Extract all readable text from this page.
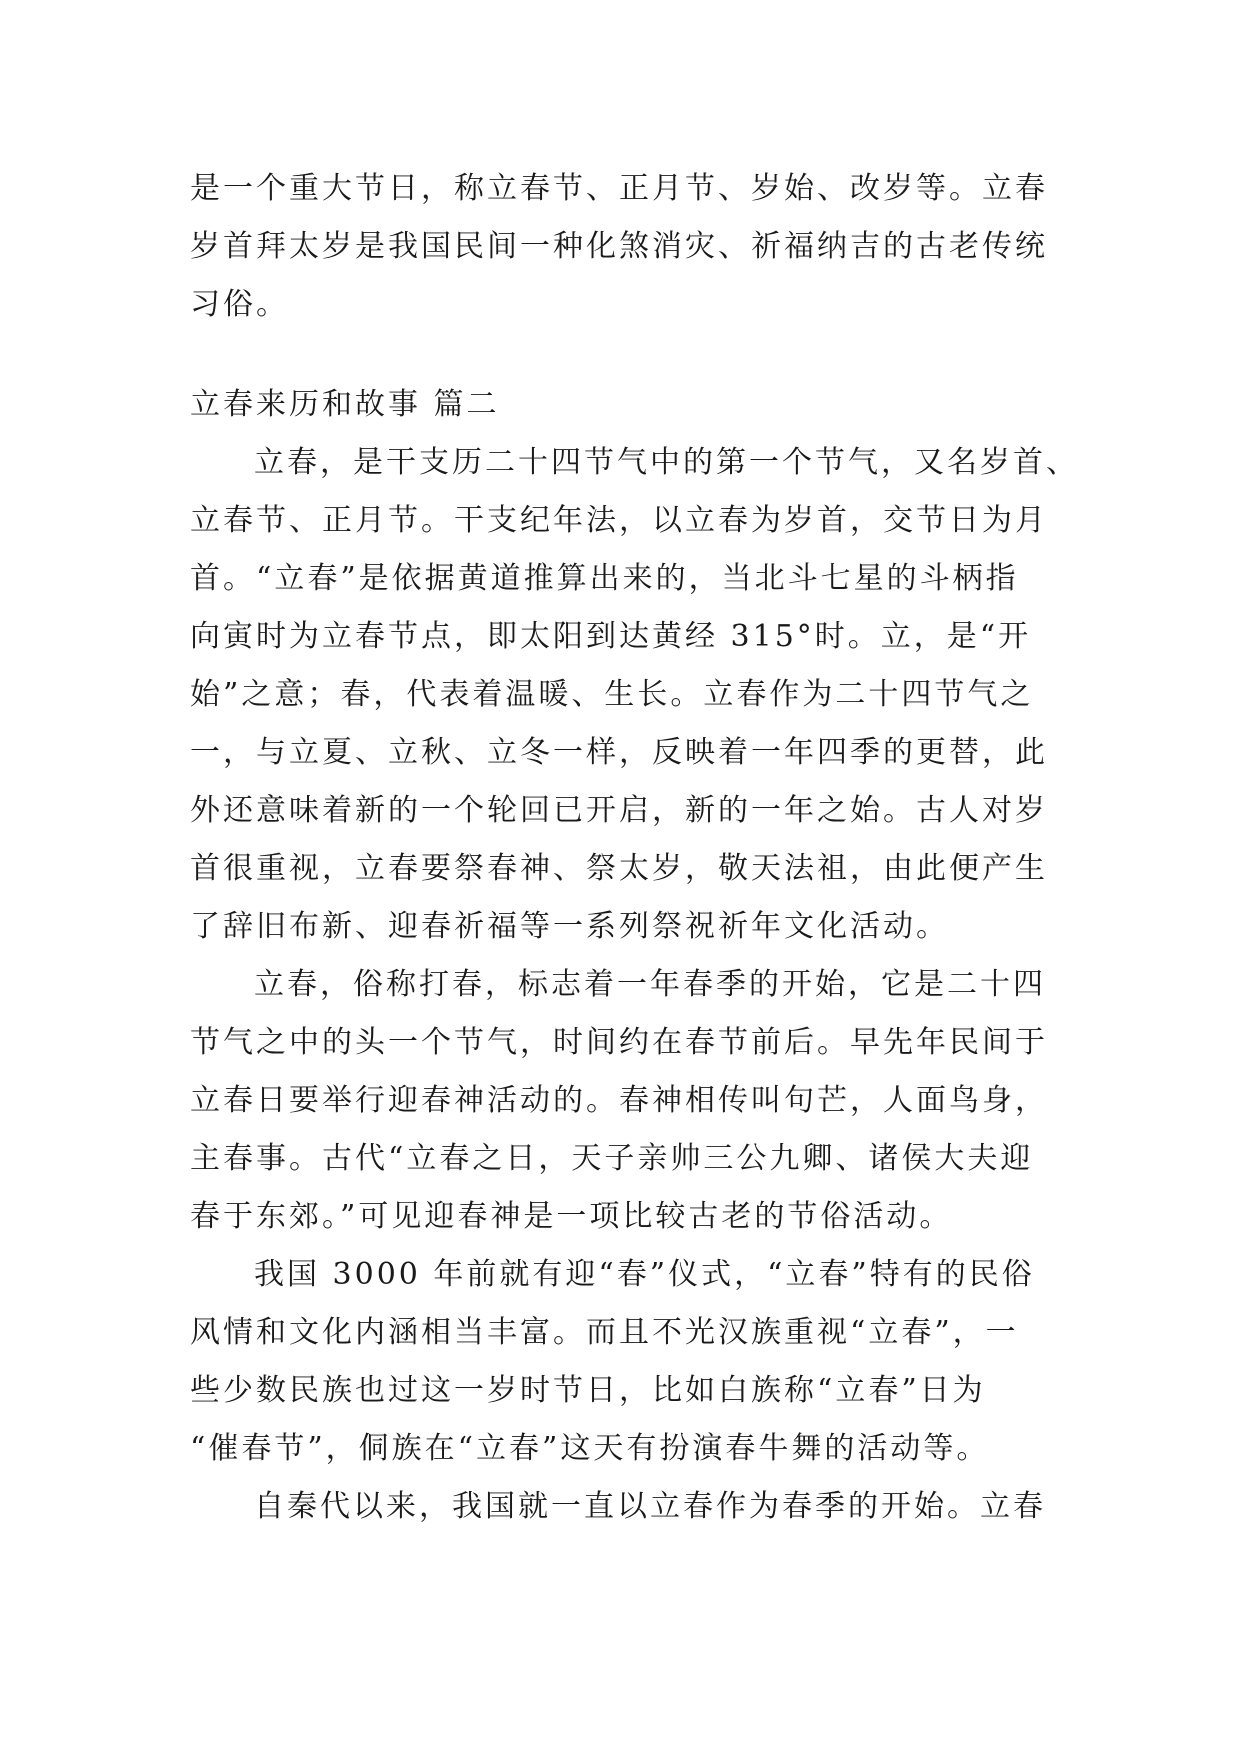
是一个重大节日，称立春节、正月节、岁始、改岁等。立春
岁首拜太岁是我国民间一种化煞消灾、祈福纳吉的古老传统
习俗。
立春来历和故事 篇二
立春，是干支历二十四节气中的第一个节气，又名岁首、
立春节、正月节。干支纪年法，以立春为岁首，交节日为月
首。“立春”是依据黄道推算出来的，当北斗七星的斗柄指
向寅时为立春节点，即太阳到达黄经 315°时。立，是“开
始”之意；春，代表着温暖、生长。立春作为二十四节气之
一，与立夏、立秋、立冬一样，反映着一年四季的更替，此
外还意味着新的一个轮回已开启，新的一年之始。古人对岁
首很重视，立春要祭春神、祭太岁，敬天法祖，由此便产生
了辞旧布新、迎春祈福等一系列祭祝祈年文化活动。
立春，俗称打春，标志着一年春季的开始，它是二十四
节气之中的头一个节气，时间约在春节前后。早先年民间于
立春日要举行迎春神活动的。春神相传叫句芒，人面鸟身，
主春事。古代“立春之日，天子亲帅三公九卿、诸侯大夫迎
春于东郊。”可见迎春神是一项比较古老的节俗活动。
我国 3000 年前就有迎“春”仪式，“立春”特有的民俗
风情和文化内涵相当丰富。而且不光汉族重视“立春”，一
些少数民族也过这一岁时节日，比如白族称“立春”日为
“催春节”，侗族在“立春”这天有扮演春牛舞的活动等。
自秦代以来，我国就一直以立春作为春季的开始。立春
